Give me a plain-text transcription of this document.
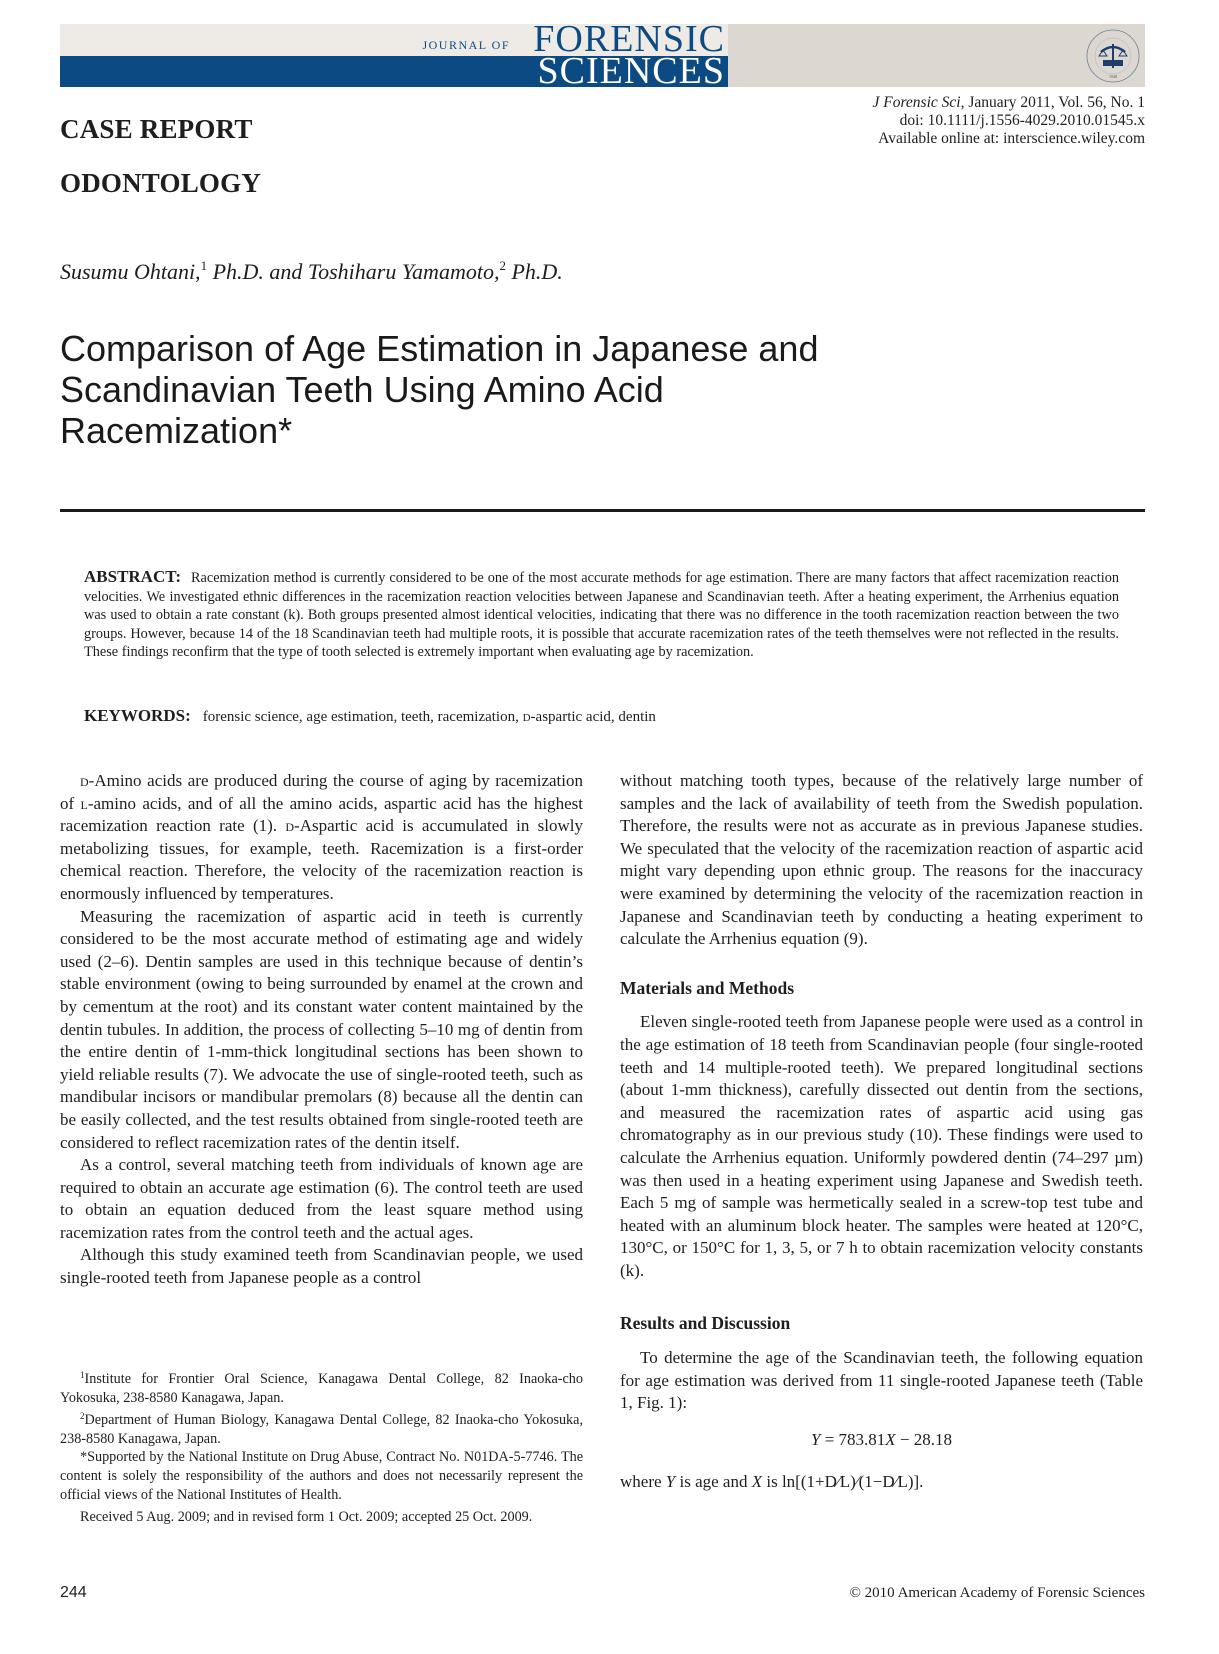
1948
JOURNAL OF FORENSIC
SCIENCES
J Forensic Sci, January 2011, Vol. 56, No. 1
doi: 10.1111/j.1556-4029.2010.01545.x
Available online at: interscience.wiley.com
CASE REPORT
ODONTOLOGY
Susumu Ohtani,$^1$ Ph.D. and Toshiharu Yamamoto,$^2$ Ph.D.
Comparison of Age Estimation in Japanese and Scandinavian Teeth Using Amino Acid Racemization*
ABSTRACT: Racemization method is currently considered to be one of the most accurate methods for age estimation. There are many factors that affect racemization reaction velocities. We investigated ethnic differences in the racemization reaction velocities between Japanese and Scandinavian teeth. After a heating experiment, the Arrhenius equation was used to obtain a rate constant (k). Both groups presented almost identical velocities, indicating that there was no difference in the tooth racemization reaction between the two groups. However, because 14 of the 18 Scandinavian teeth had multiple roots, it is possible that accurate racemization rates of the teeth themselves were not reflected in the results. These findings reconfirm that the type of tooth selected is extremely important when evaluating age by racemization.
KEYWORDS: forensic science, age estimation, teeth, racemization, d-aspartic acid, dentin

d-Amino acids are produced during the course of aging by racemization of l-amino acids, and of all the amino acids, aspartic acid has the highest racemization reaction rate (1). d-Aspartic acid is accumulated in slowly metabolizing tissues, for example, teeth. Racemization is a first-order chemical reaction. Therefore, the velocity of the racemization reaction is enormously influenced by temperatures.

Measuring the racemization of aspartic acid in teeth is currently considered to be the most accurate method of estimating age and widely used (2–6). Dentin samples are used in this technique because of dentin’s stable environment (owing to being surrounded by enamel at the crown and by cementum at the root) and its constant water content maintained by the dentin tubules. In addition, the process of collecting 5–10 mg of dentin from the entire dentin of 1-mm-thick longitudinal sections has been shown to yield reliable results (7). We advocate the use of single-rooted teeth, such as mandibular incisors or mandibular premolars (8) because all the dentin can be easily collected, and the test results obtained from single-rooted teeth are considered to reflect racemization rates of the dentin itself.

As a control, several matching teeth from individuals of known age are required to obtain an accurate age estimation (6). The control teeth are used to obtain an equation deduced from the least square method using racemization rates from the control teeth and the actual ages.

Although this study examined teeth from Scandinavian people, we used single-rooted teeth from Japanese people as a control

$^1$Institute for Frontier Oral Science, Kanagawa Dental College, 82 Inaoka-cho Yokosuka, 238-8580 Kanagawa, Japan.

$^2$Department of Human Biology, Kanagawa Dental College, 82 Inaoka-cho Yokosuka, 238-8580 Kanagawa, Japan.

*Supported by the National Institute on Drug Abuse, Contract No. N01DA-5-7746. The content is solely the responsibility of the authors and does not necessarily represent the official views of the National Institutes of Health.

Received 5 Aug. 2009; and in revised form 1 Oct. 2009; accepted 25 Oct. 2009.

without matching tooth types, because of the relatively large number of samples and the lack of availability of teeth from the Swedish population. Therefore, the results were not as accurate as in previous Japanese studies. We speculated that the velocity of the racemization reaction of aspartic acid might vary depending upon ethnic group. The reasons for the inaccuracy were examined by determining the velocity of the racemization reaction in Japanese and Scandinavian teeth by conducting a heating experiment to calculate the Arrhenius equation (9).

Materials and Methods

Eleven single-rooted teeth from Japanese people were used as a control in the age estimation of 18 teeth from Scandinavian people (four single-rooted teeth and 14 multiple-rooted teeth). We prepared longitudinal sections (about 1-mm thickness), carefully dissected out dentin from the sections, and measured the racemization rates of aspartic acid using gas chromatography as in our previous study (10). These findings were used to calculate the Arrhenius equation. Uniformly powdered dentin (74–297 µm) was then used in a heating experiment using Japanese and Swedish teeth. Each 5 mg of sample was hermetically sealed in a screw-top test tube and heated with an aluminum block heater. The samples were heated at 120°C, 130°C, or 150°C for 1, 3, 5, or 7 h to obtain racemization velocity constants (k).

Results and Discussion

To determine the age of the Scandinavian teeth, the following equation for age estimation was derived from 11 single-rooted Japanese teeth (Table 1, Fig. 1):

Y = 783.81X − 28.18

where Y is age and X is ln[(1+D∕L)∕(1−D∕L)].

244	© 2010 American Academy of Forensic Sciences
